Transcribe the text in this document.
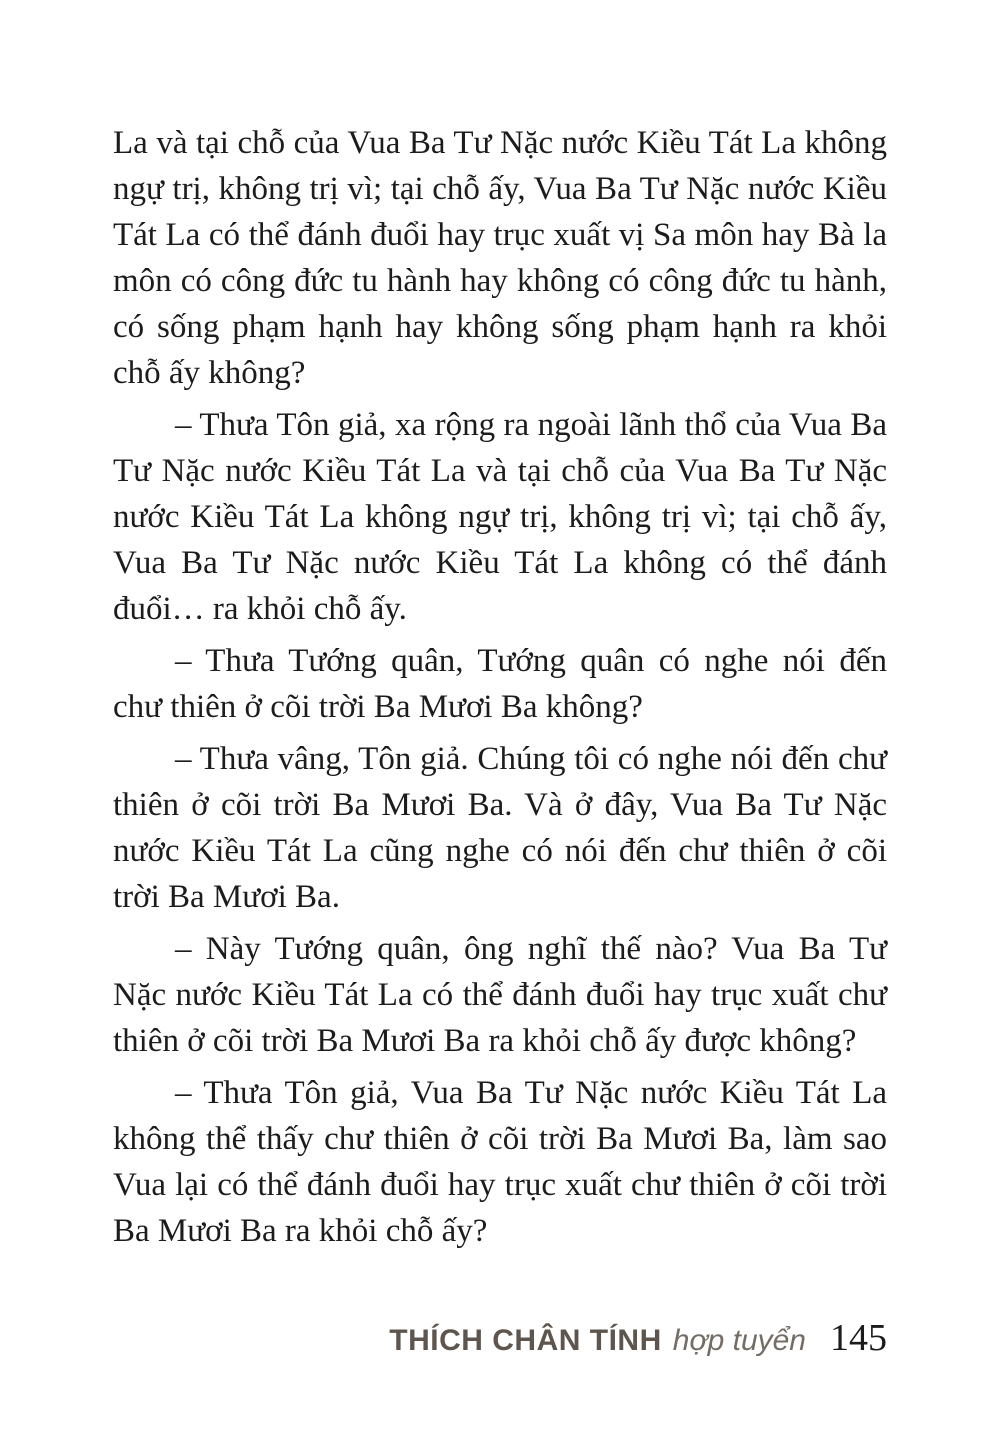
La và tại chỗ của Vua Ba Tư Nặc nước Kiều Tát La không ngự trị, không trị vì; tại chỗ ấy, Vua Ba Tư Nặc nước Kiều Tát La có thể đánh đuổi hay trục xuất vị Sa môn hay Bà la môn có công đức tu hành hay không có công đức tu hành, có sống phạm hạnh hay không sống phạm hạnh ra khỏi chỗ ấy không?

– Thưa Tôn giả, xa rộng ra ngoài lãnh thổ của Vua Ba Tư Nặc nước Kiều Tát La và tại chỗ của Vua Ba Tư Nặc nước Kiều Tát La không ngự trị, không trị vì; tại chỗ ấy, Vua Ba Tư Nặc nước Kiều Tát La không có thể đánh đuổi… ra khỏi chỗ ấy.

– Thưa Tướng quân, Tướng quân có nghe nói đến chư thiên ở cõi trời Ba Mươi Ba không?

– Thưa vâng, Tôn giả. Chúng tôi có nghe nói đến chư thiên ở cõi trời Ba Mươi Ba. Và ở đây, Vua Ba Tư Nặc nước Kiều Tát La cũng nghe có nói đến chư thiên ở cõi trời Ba Mươi Ba.

– Này Tướng quân, ông nghĩ thế nào? Vua Ba Tư Nặc nước Kiều Tát La có thể đánh đuổi hay trục xuất chư thiên ở cõi trời Ba Mươi Ba ra khỏi chỗ ấy được không?

– Thưa Tôn giả, Vua Ba Tư Nặc nước Kiều Tát La không thể thấy chư thiên ở cõi trời Ba Mươi Ba, làm sao Vua lại có thể đánh đuổi hay trục xuất chư thiên ở cõi trời Ba Mươi Ba ra khỏi chỗ ấy?

THÍCH CHÂN TÍNH hợp tuyển 145
